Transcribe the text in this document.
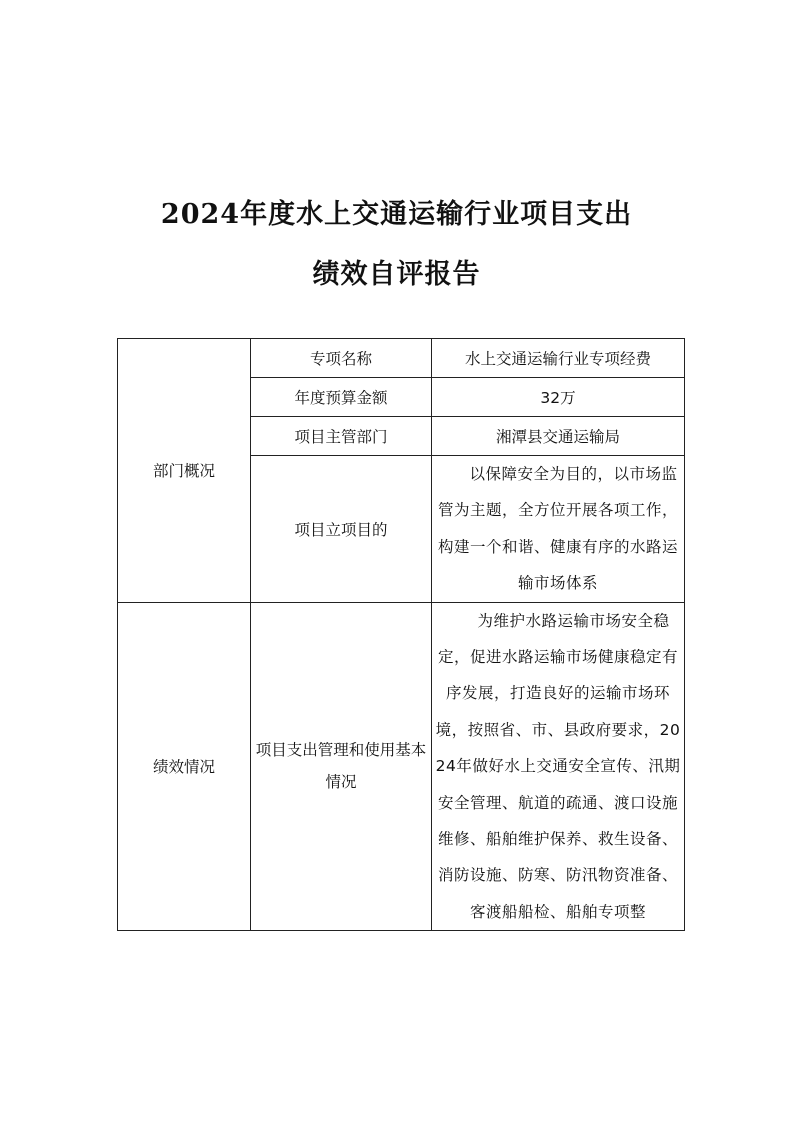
2024年度水上交通运输行业项目支出
绩效自评报告
部门概况	专项名称	水上交通运输行业专项经费
	年度预算金额	32万
	项目主管部门	湘潭县交通运输局
	项目立项目的	以保障安全为目的，以市场监管为主题，全方位开展各项工作，构建一个和谐、健康有序的水路运输市场体系
绩效情况	项目支出管理和使用基本情况	为维护水路运输市场安全稳定，促进水路运输市场健康稳定有序发展，打造良好的运输市场环境，按照省、市、县政府要求，2024年做好水上交通安全宣传、汛期安全管理、航道的疏通、渡口设施维修、船舶维护保养、救生设备、消防设施、防寒、防汛物资准备、客渡船船检、船舶专项整
